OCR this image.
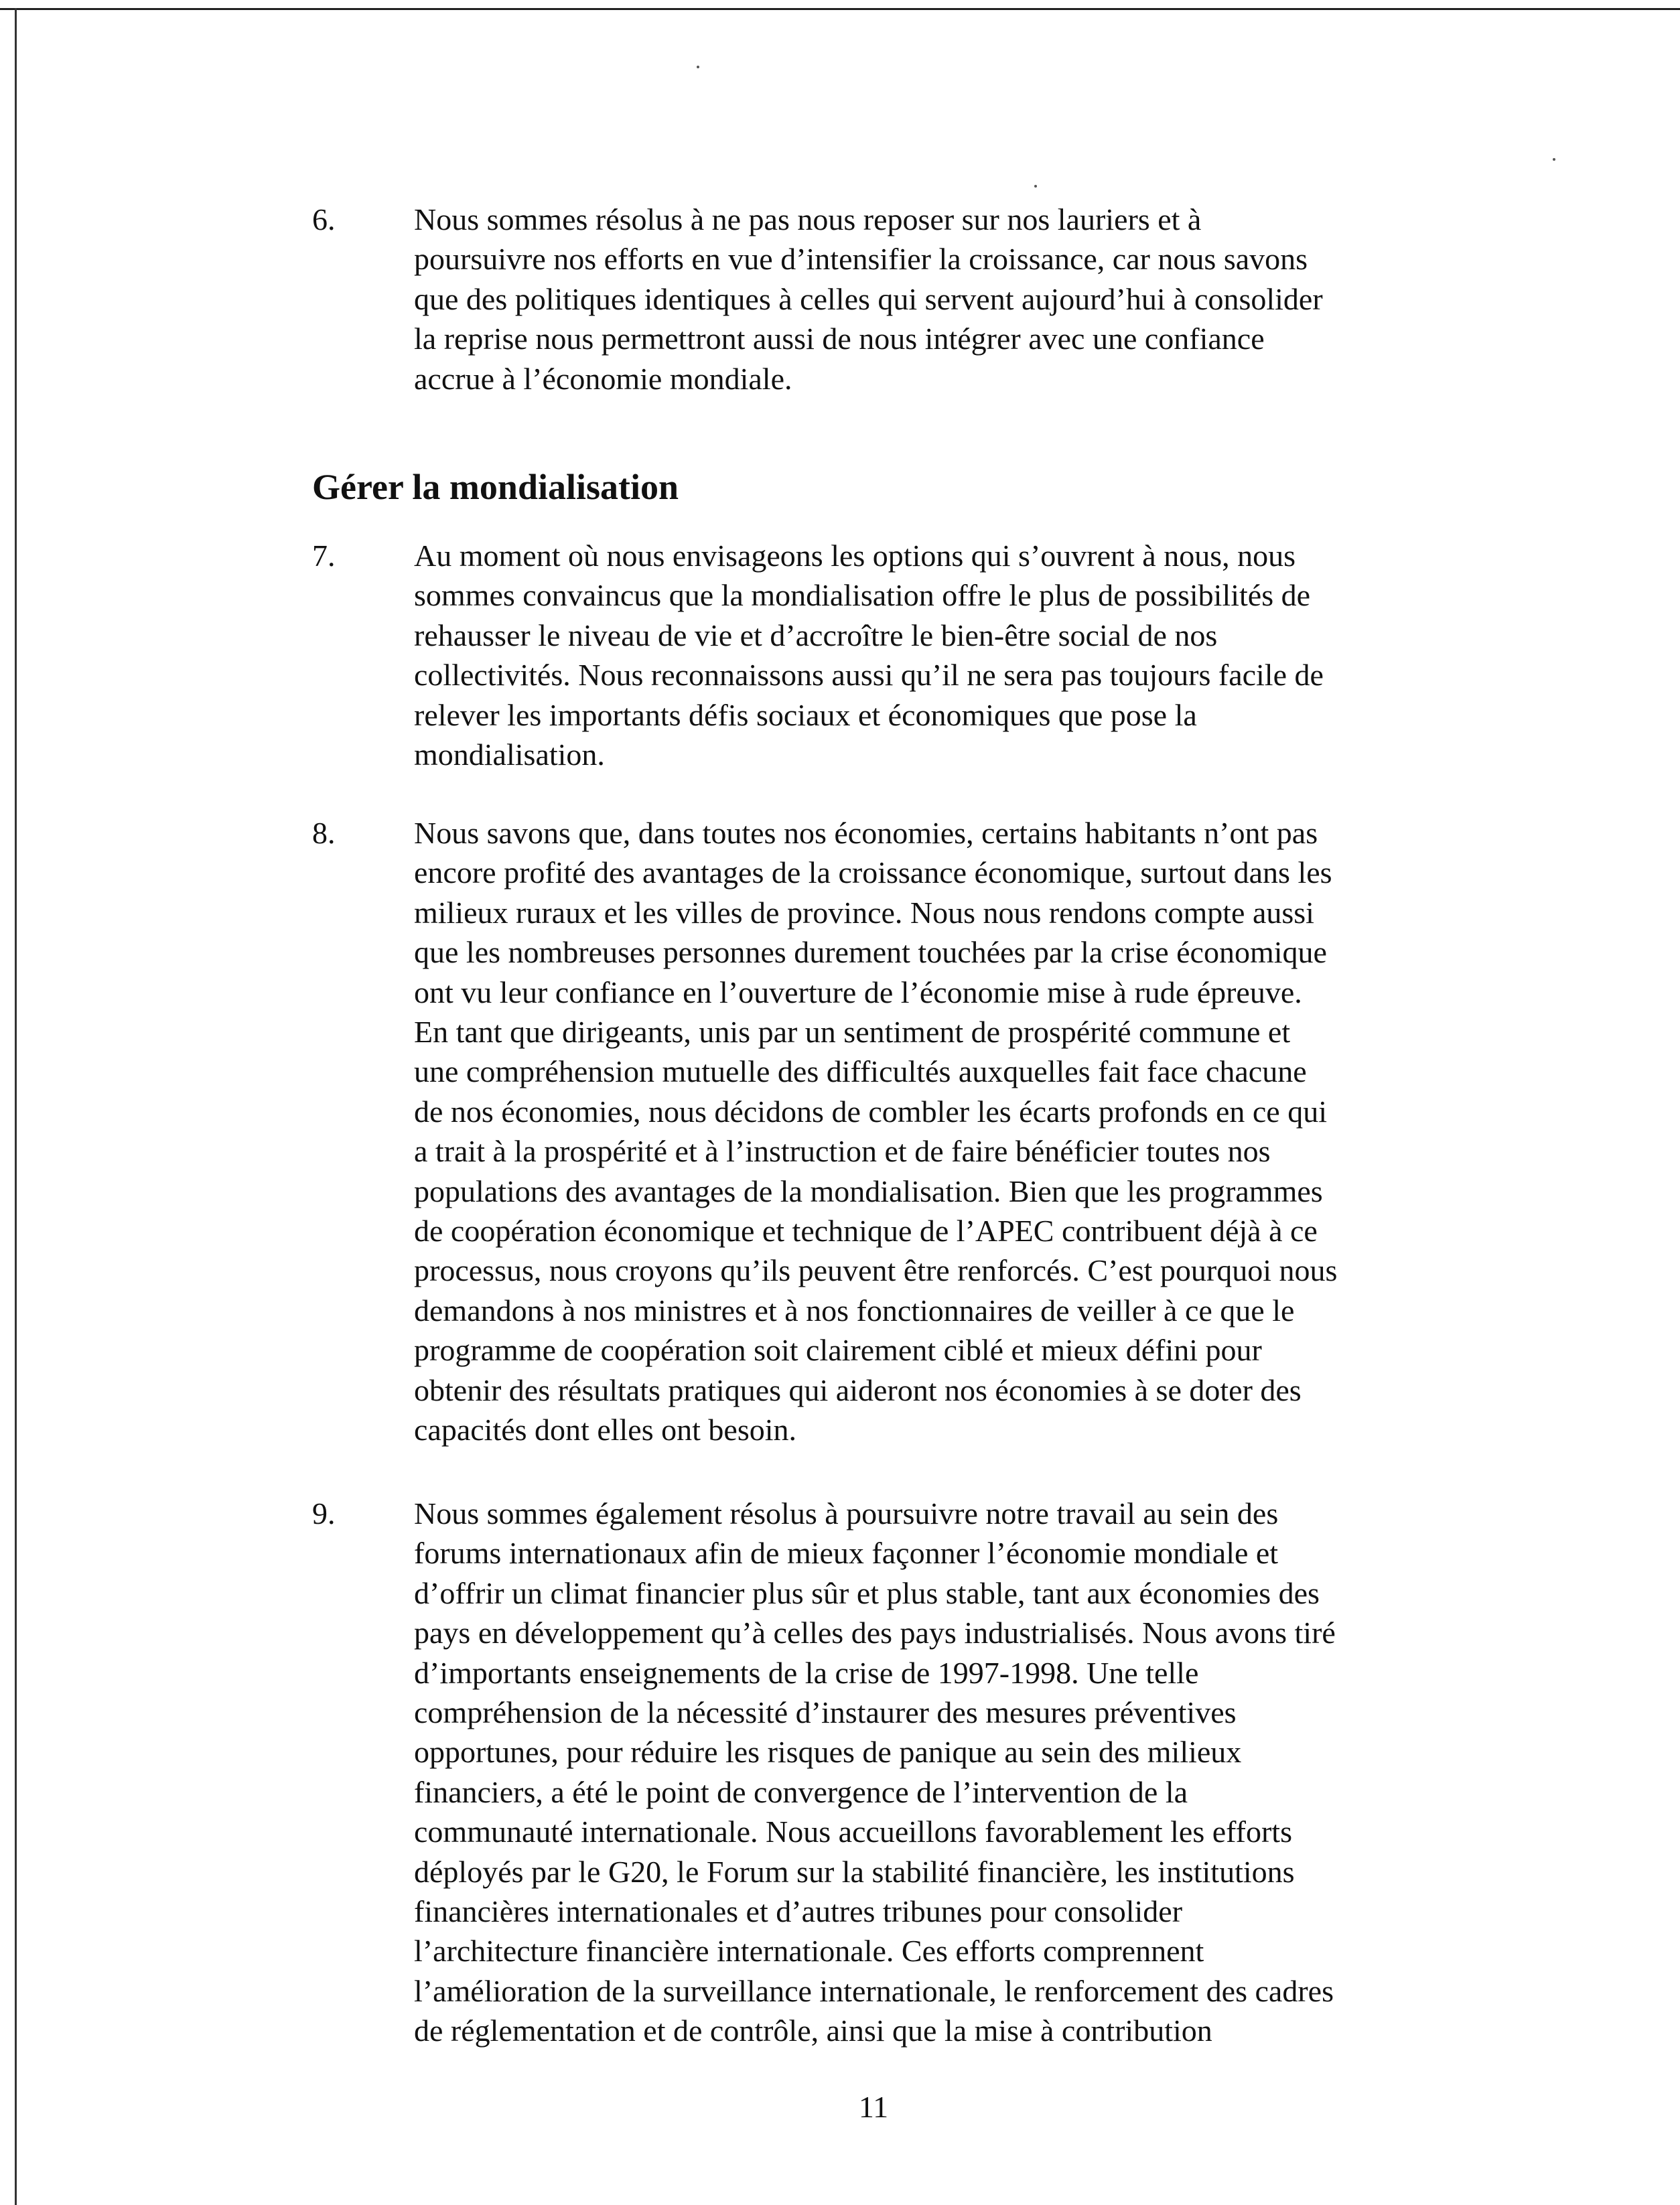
6.	Nous sommes résolus à ne pas nous reposer sur nos lauriers et à
poursuivre nos efforts en vue d’intensifier la croissance, car nous savons
que des politiques identiques à celles qui servent aujourd’hui à consolider
la reprise nous permettront aussi de nous intégrer avec une confiance
accrue à l’économie mondiale.

Gérer la mondialisation
7.	Au moment où nous envisageons les options qui s’ouvrent à nous, nous
sommes convaincus que la mondialisation offre le plus de possibilités de
rehausser le niveau de vie et d’accroître le bien-être social de nos
collectivités. Nous reconnaissons aussi qu’il ne sera pas toujours facile de
relever les importants défis sociaux et économiques que pose la
mondialisation.

8.	Nous savons que, dans toutes nos économies, certains habitants n’ont pas
encore profité des avantages de la croissance économique, surtout dans les
milieux ruraux et les villes de province. Nous nous rendons compte aussi
que les nombreuses personnes durement touchées par la crise économique
ont vu leur confiance en l’ouverture de l’économie mise à rude épreuve.
En tant que dirigeants, unis par un sentiment de prospérité commune et
une compréhension mutuelle des difficultés auxquelles fait face chacune
de nos économies, nous décidons de combler les écarts profonds en ce qui
a trait à la prospérité et à l’instruction et de faire bénéficier toutes nos
populations des avantages de la mondialisation. Bien que les programmes
de coopération économique et technique de l’APEC contribuent déjà à ce
processus, nous croyons qu’ils peuvent être renforcés. C’est pourquoi nous
demandons à nos ministres et à nos fonctionnaires de veiller à ce que le
programme de coopération soit clairement ciblé et mieux défini pour
obtenir des résultats pratiques qui aideront nos économies à se doter des
capacités dont elles ont besoin.

9.	Nous sommes également résolus à poursuivre notre travail au sein des
forums internationaux afin de mieux façonner l’économie mondiale et
d’offrir un climat financier plus sûr et plus stable, tant aux économies des
pays en développement qu’à celles des pays industrialisés. Nous avons tiré
d’importants enseignements de la crise de 1997-1998. Une telle
compréhension de la nécessité d’instaurer des mesures préventives
opportunes, pour réduire les risques de panique au sein des milieux
financiers, a été le point de convergence de l’intervention de la
communauté internationale. Nous accueillons favorablement les efforts
déployés par le G20, le Forum sur la stabilité financière, les institutions
financières internationales et d’autres tribunes pour consolider
l’architecture financière internationale. Ces efforts comprennent
l’amélioration de la surveillance internationale, le renforcement des cadres
de réglementation et de contrôle, ainsi que la mise à contribution

11
